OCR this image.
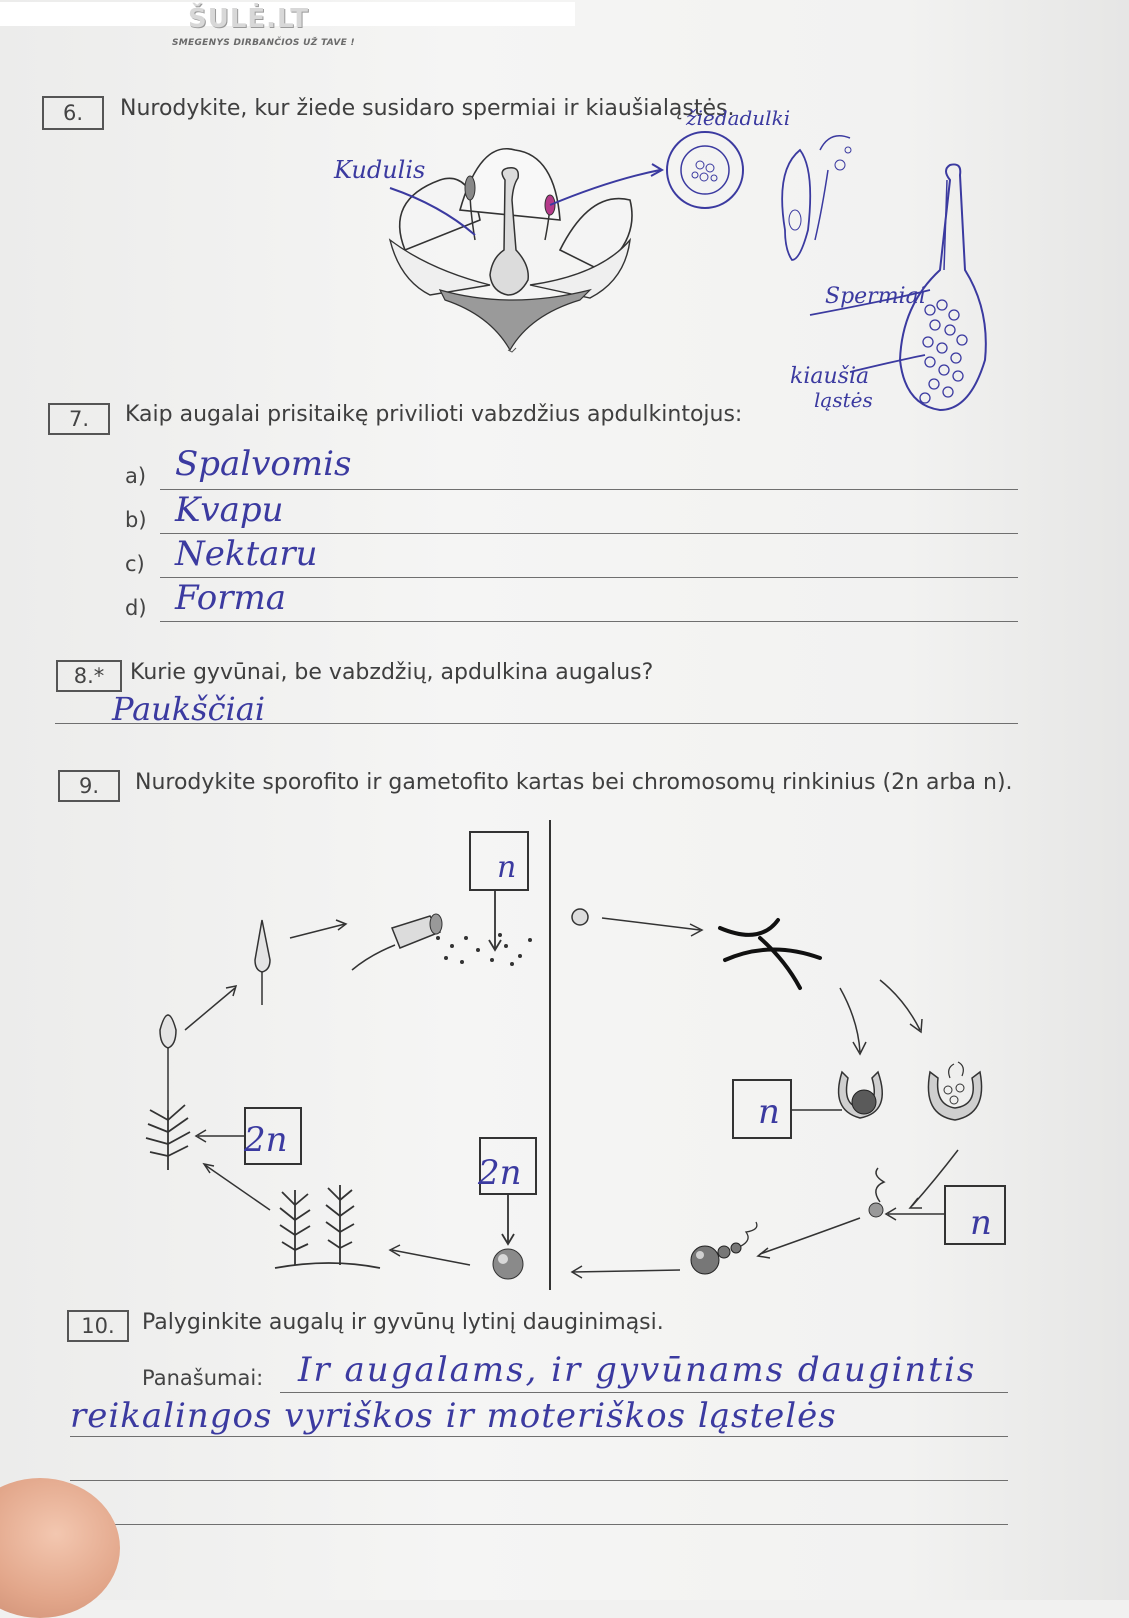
ŠULĖ.LT
SMEGENYS DIRBANČIOS UŽ TAVE !
6.	Nurodykite, kur žiede susidaro spermiai ir kiaušialąstės.
Kudulis
žiedadulki
Spermiai
kiaušia
ląstės
7.	Kaip augalai prisitaikę privilioti vabzdžius apdulkintojus:
a) Spalvomis
b) Kvapu
c) Nektaru
d) Forma
8.*	Kurie gyvūnai, be vabzdžių, apdulkina augalus?
Paukščiai
9.	Nurodykite sporofito ir gametofito kartas bei chromosomų rinkinius (2n arba n).
n
2n
2n
n
n
10.	Palyginkite augalų ir gyvūnų lytinį dauginimąsi.
Panašumai: Ir augalams, ir gyvūnams daugintis
reikalingos vyriškos ir moteriškos ląstelės
